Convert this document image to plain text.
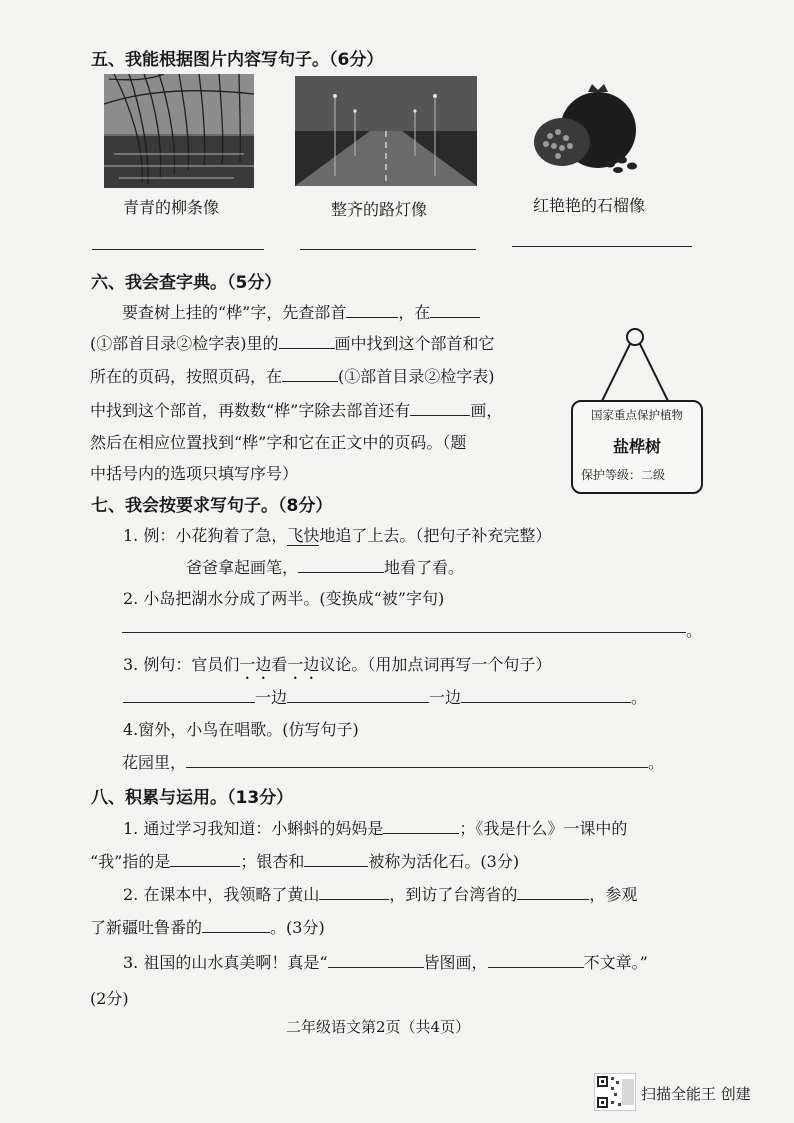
五、我能根据图片内容写句子。（6分）
青青的柳条像	整齐的路灯像	红艳艳的石榴像
六、我会查字典。（5分）
要查树上挂的“桦”字，先查部首	，在
(①部首目录②检字表)里的	画中找到这个部首和它
所在的页码，按照页码，在	(①部首目录②检字表)
中找到这个部首，再数数“桦”字除去部首还有	画，
然后在相应位置找到“桦”字和它在正文中的页码。（题
中括号内的选项只填写序号）
国家重点保护植物
盐桦树
保护等级：二级
七、我会按要求写句子。（8分）
1. 例：小花狗着了急，飞快地追了上去。（把句子补充完整）
爸爸拿起画笔，	地看了看。
2. 小岛把湖水分成了两半。(变换成“被”字句)
。
3. 例句：官员们一边看一边议论。（用加点词再写一个句子）
一边	一边	。
4.窗外，小鸟在唱歌。(仿写句子)
花园里，	。
八、积累与运用。（13分）
1. 通过学习我知道：小蝌蚪的妈妈是	；《我是什么》一课中的
“我”指的是	；银杏和	被称为活化石。(3分)
2. 在课本中，我领略了黄山	，到访了台湾省的	，参观
了新疆吐鲁番的	。(3分)
3. 祖国的山水真美啊！真是“	皆图画，	不文章。”
(2分)
二年级语文第2页（共4页）
扫描全能王 创建
